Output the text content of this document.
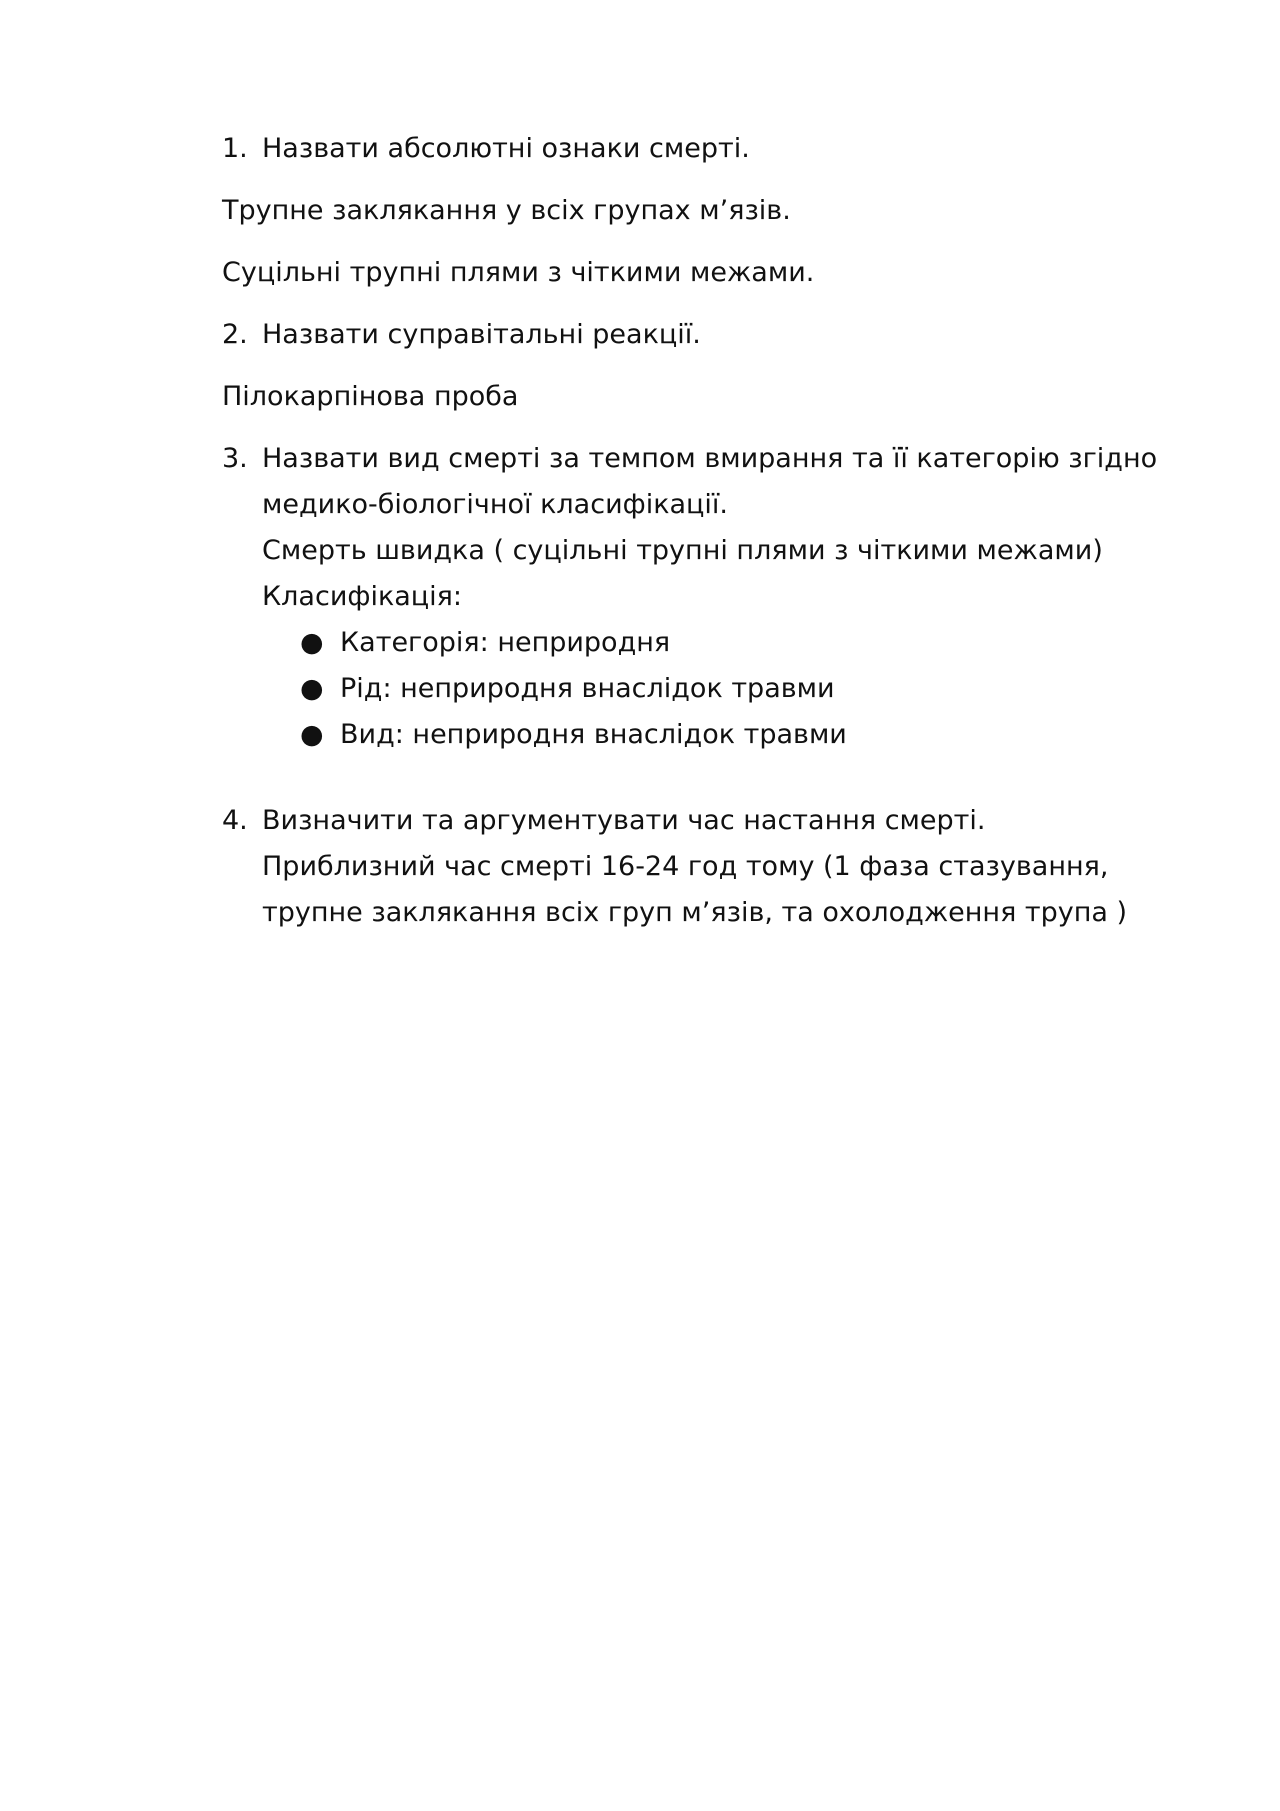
1. Назвати абсолютні ознаки смерті.
Трупне заклякання у всіх групах м’язів.
Суцільні трупні плями з чіткими межами.
2. Назвати суправітальні реакції.
Пілокарпінова проба
3. Назвати вид смерті за темпом вмирання та її категорію згідно
медико-біологічної класифікації.
Смерть швидка ( суцільні трупні плями з чіткими межами)
Класифікація:
● Категорія: неприродня
● Рід: неприродня внаслідок травми
● Вид: неприродня внаслідок травми
4. Визначити та аргументувати час настання смерті.
Приблизний час смерті 16-24 год тому (1 фаза стазування,
трупне заклякання всіх груп м’язів, та охолодження трупа )
